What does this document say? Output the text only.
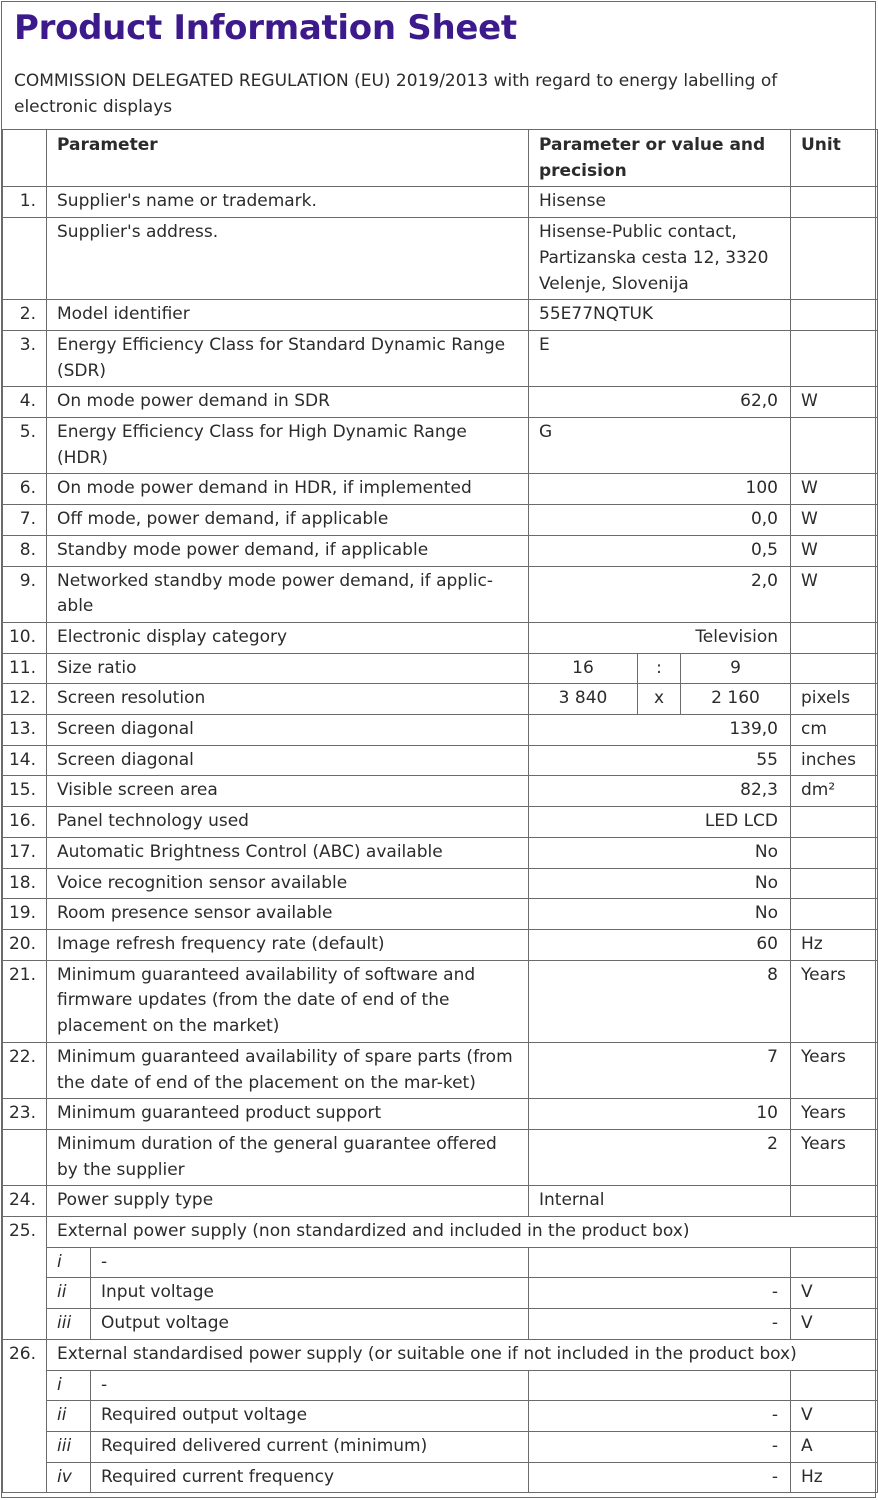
Product Information Sheet
COMMISSION DELEGATED REGULATION (EU) 2019/2013 with regard to energy labelling of electronic displays
	Parameter		Parameter or value and precision			Unit
1.	Supplier's name or trademark.		Hisense			
	Supplier's address.		Hisense-Public contact, Partizanska cesta 12, 3320 Velenje, Slovenija			
2.	Model identifier		55E77NQTUK			
3.	Energy Efficiency Class for Standard Dynamic Range (SDR)		E			
4.	On mode power demand in SDR		62,0			W
5.	Energy Efficiency Class for High Dynamic Range (HDR)		G			
6.	On mode power demand in HDR, if implemented		100			W
7.	Off mode, power demand, if applicable		0,0			W
8.	Standby mode power demand, if applicable		0,5			W
9.	Networked standby mode power demand, if applic-able		2,0			W
10.	Electronic display category		Television			
11.	Size ratio		16	:	9	
12.	Screen resolution		3 840	x	2 160	pixels
13.	Screen diagonal		139,0			cm
14.	Screen diagonal		55			inches
15.	Visible screen area		82,3			dm²
16.	Panel technology used		LED LCD			
17.	Automatic Brightness Control (ABC) available		No			
18.	Voice recognition sensor available		No			
19.	Room presence sensor available		No			
20.	Image refresh frequency rate (default)		60			Hz
21.	Minimum guaranteed availability of software and firmware updates (from the date of end of the placement on the market)		8			Years
22.	Minimum guaranteed availability of spare parts (from the date of end of the placement on the mar-ket)		7			Years
23.	Minimum guaranteed product support		10			Years
	Minimum duration of the general guarantee offered by the supplier		2			Years
24.	Power supply type		Internal			
25.	External power supply (non standardized and included in the product box)					
	i	-				
	ii	Input voltage	-			V
	iii	Output voltage	-			V
26.	External standardised power supply (or suitable one if not included in the product box)					
	i	-				
	ii	Required output voltage	-			V
	iii	Required delivered current (minimum)	-			A
	iv	Required current frequency	-			Hz
